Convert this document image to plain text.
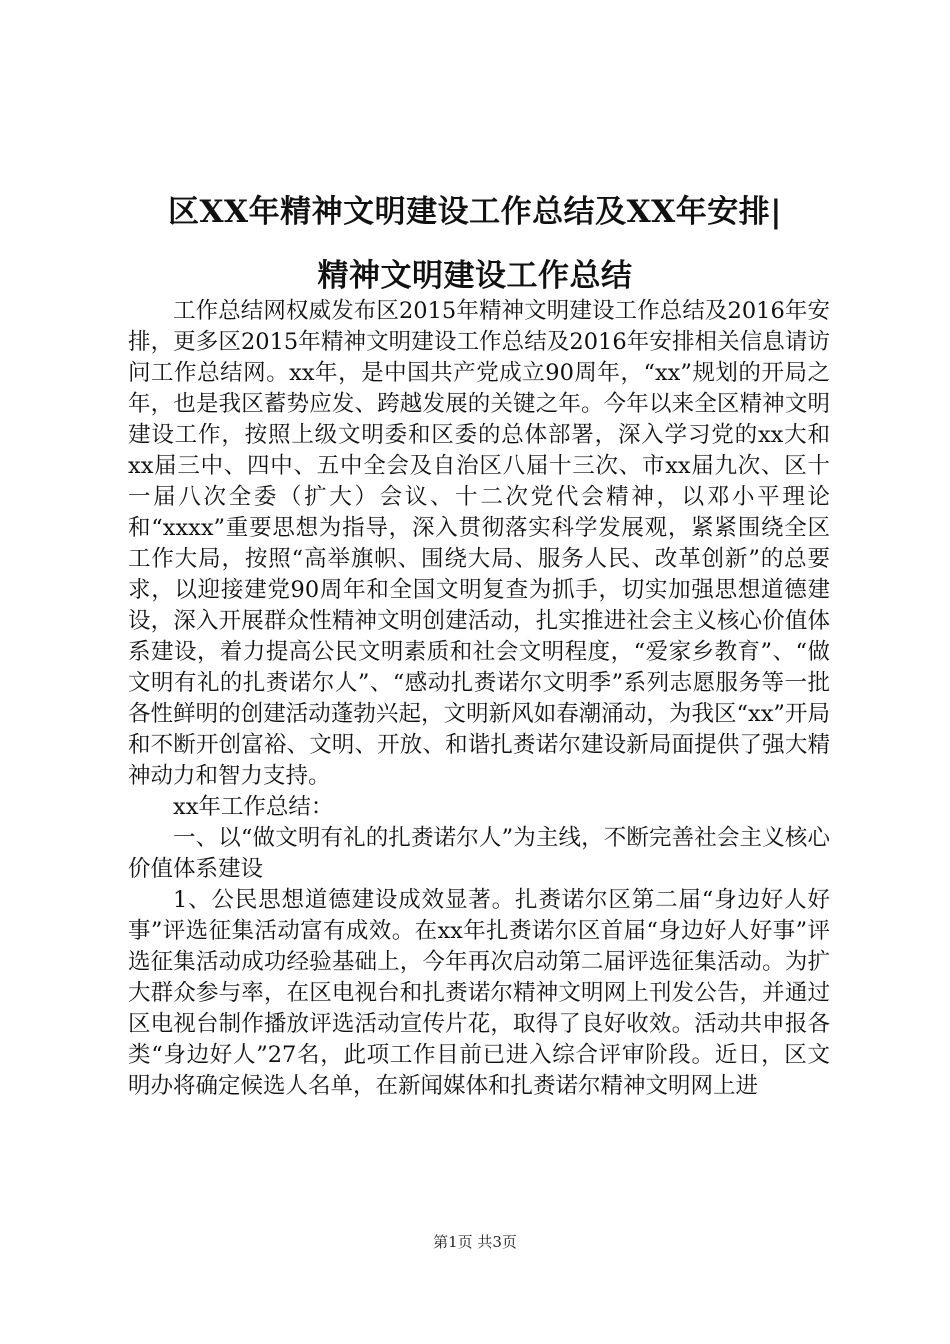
区XX年精神文明建设工作总结及XX年安排|
精神文明建设工作总结

工作总结网权威发布区2015年精神文明建设工作总结及2016年安排，更多区2015年精神文明建设工作总结及2016年安排相关信息请访问工作总结网。xx年，是中国共产党成立90周年，“xx”规划的开局之年，也是我区蓄势应发、跨越发展的关键之年。今年以来全区精神文明建设工作，按照上级文明委和区委的总体部署，深入学习党的xx大和xx届三中、四中、五中全会及自治区八届十三次、市xx届九次、区十一届八次全委（扩大）会议、十二次党代会精神，以邓小平理论和“xxxx”重要思想为指导，深入贯彻落实科学发展观，紧紧围绕全区工作大局，按照“高举旗帜、围绕大局、服务人民、改革创新”的总要求，以迎接建党90周年和全国文明复查为抓手，切实加强思想道德建设，深入开展群众性精神文明创建活动，扎实推进社会主义核心价值体系建设，着力提高公民文明素质和社会文明程度，“爱家乡教育”、“做文明有礼的扎赉诺尔人”、“感动扎赉诺尔文明季”系列志愿服务等一批各性鲜明的创建活动蓬勃兴起，文明新风如春潮涌动，为我区“xx”开局和不断开创富裕、文明、开放、和谐扎赉诺尔建设新局面提供了强大精神动力和智力支持。

xx年工作总结：

一、以“做文明有礼的扎赉诺尔人”为主线，不断完善社会主义核心价值体系建设

1、公民思想道德建设成效显著。扎赉诺尔区第二届“身边好人好事”评选征集活动富有成效。在xx年扎赉诺尔区首届“身边好人好事”评选征集活动成功经验基础上，今年再次启动第二届评选征集活动。为扩大群众参与率，在区电视台和扎赉诺尔精神文明网上刊发公告，并通过区电视台制作播放评选活动宣传片花，取得了良好收效。活动共申报各类“身边好人”27名，此项工作目前已进入综合评审阶段。近日，区文明办将确定候选人名单，在新闻媒体和扎赉诺尔精神文明网上进

第1页 共3页
